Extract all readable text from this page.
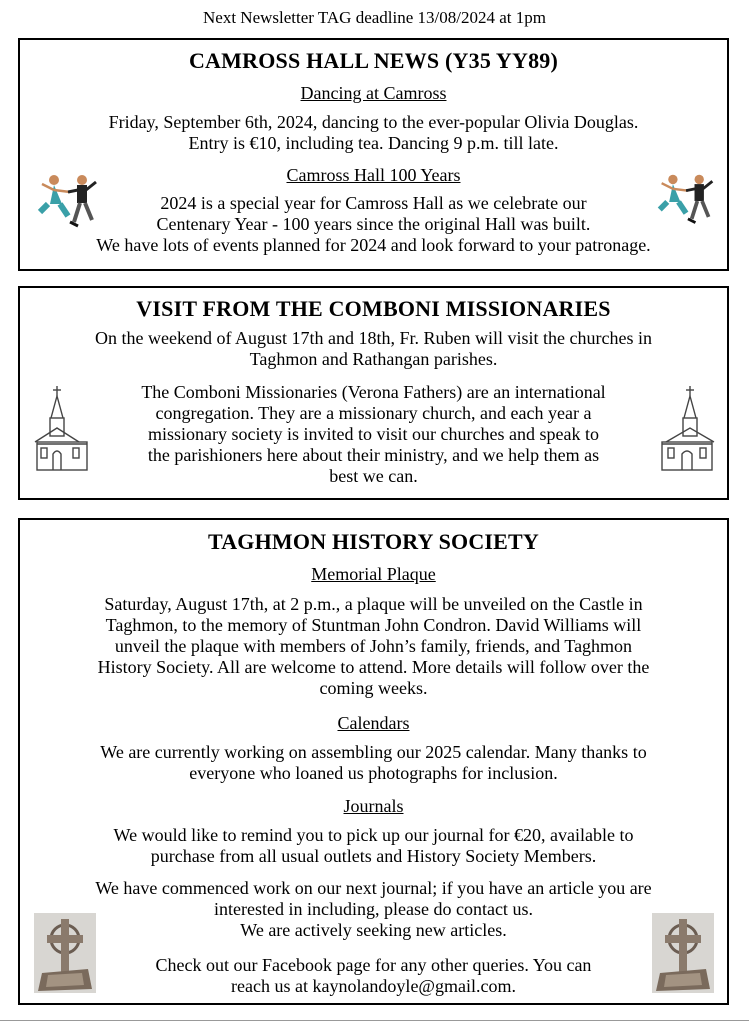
Next Newsletter TAG deadline 13/08/2024 at 1pm
CAMROSS HALL NEWS (Y35 YY89)
Dancing at Camross
Friday, September 6th, 2024, dancing to the ever-popular Olivia Douglas.
Entry is €10, including tea. Dancing 9 p.m. till late.
Camross Hall 100 Years
2024 is a special year for Camross Hall as we celebrate our
Centenary Year - 100 years since the original Hall was built.
We have lots of events planned for 2024 and look forward to your patronage.
VISIT FROM THE COMBONI MISSIONARIES
On the weekend of August 17th and 18th, Fr. Ruben will visit the churches in
Taghmon and Rathangan parishes.
The Comboni Missionaries (Verona Fathers) are an international
congregation. They are a missionary church, and each year a
missionary society is invited to visit our churches and speak to
the parishioners here about their ministry, and we help them as
best we can.
TAGHMON HISTORY SOCIETY
Memorial Plaque
Saturday, August 17th, at 2 p.m., a plaque will be unveiled on the Castle in
Taghmon, to the memory of Stuntman John Condron. David Williams will
unveil the plaque with members of John’s family, friends, and Taghmon
History Society. All are welcome to attend. More details will follow over the
coming weeks.
Calendars
We are currently working on assembling our 2025 calendar. Many thanks to
everyone who loaned us photographs for inclusion.
Journals
We would like to remind you to pick up our journal for €20, available to
purchase from all usual outlets and History Society Members.
We have commenced work on our next journal; if you have an article you are
interested in including, please do contact us.
We are actively seeking new articles.
Check out our Facebook page for any other queries. You can
reach us at kaynolandoyle@gmail.com.
